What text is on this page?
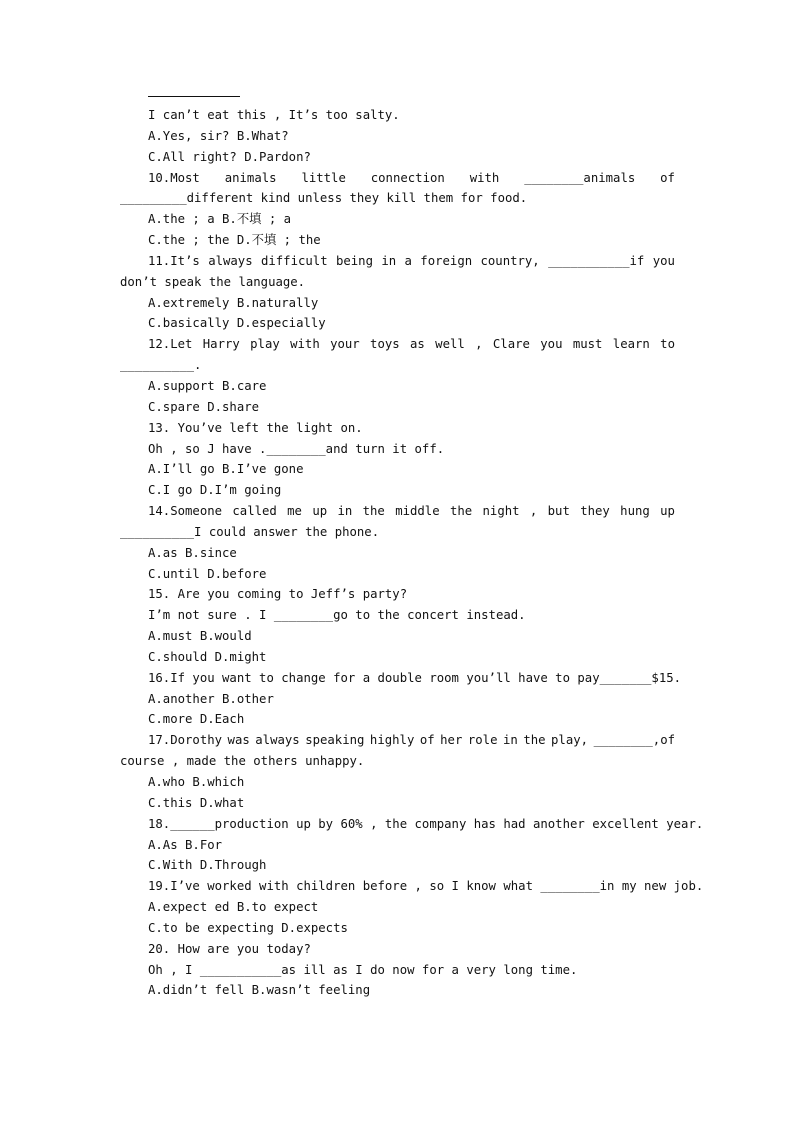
I can’t eat this , It’s too salty.
A.Yes, sir? B.What?
C.All right? D.Pardon?
10.Most animals little connection with ________animals of
_________different kind unless they kill them for food.
A.the ; a B.不填 ; a
C.the ; the D.不填 ; the
11.It’s always difficult being in a foreign country, ___________if you
don’t speak the language.
A.extremely B.naturally
C.basically D.especially
12.Let Harry play with your toys as well , Clare you must learn to
__________.
A.support B.care
C.spare D.share
13. You’ve left the light on.
Oh , so J have .________and turn it off.
A.I’ll go B.I’ve gone
C.I go D.I’m going
14.Someone called me up in the middle the night , but they hung up
__________I could answer the phone.
A.as B.since
C.until D.before
15. Are you coming to Jeff’s party?
I’m not sure . I ________go to the concert instead.
A.must B.would
C.should D.might
16.If you want to change for a double room you’ll have to pay_______$15.
A.another B.other
C.more D.Each
17.Dorothy was always speaking highly of her role in the play, ________,of
course , made the others unhappy.
A.who B.which
C.this D.what
18.______production up by 60% , the company has had another excellent year.
A.As B.For
C.With D.Through
19.I’ve worked with children before , so I know what ________in my new job.
A.expect ed B.to expect
C.to be expecting D.expects
20. How are you today?
Oh , I ___________as ill as I do now for a very long time.
A.didn’t fell B.wasn’t feeling
